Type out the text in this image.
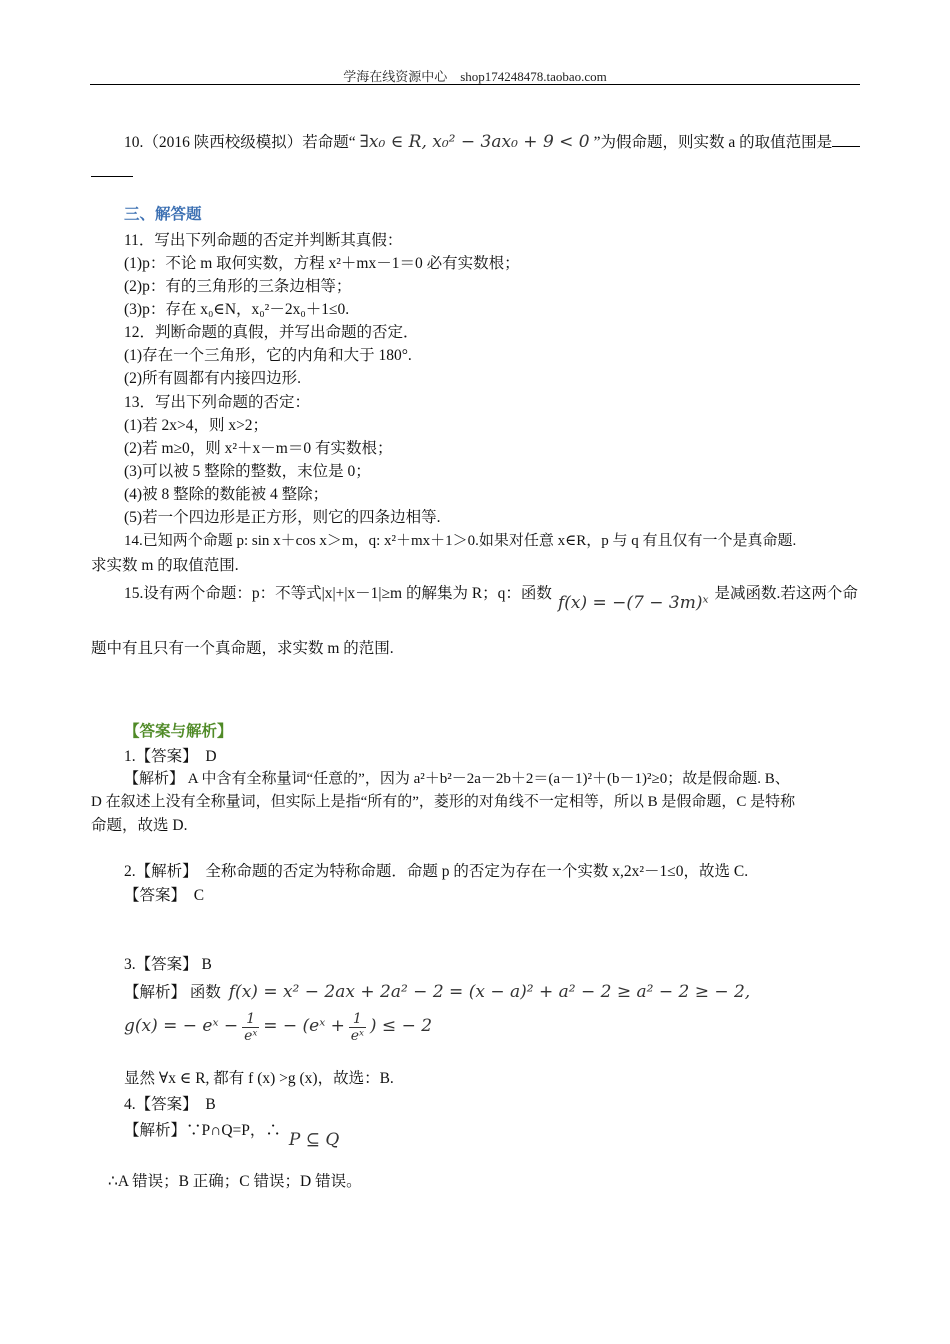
学海在线资源中心　shop174248478.taobao.com
10.（2016 陕西校级模拟）若命题“ ∃x₀ ∈ R, x₀² − 3ax₀ + 9 < 0 ”为假命题，则实数 a 的取值范围是
三、解答题
11．写出下列命题的否定并判断其真假：
(1)p：不论 m 取何实数，方程 x²＋mx－1＝0 必有实数根；
(2)p：有的三角形的三条边相等；
(3)p：存在 x₀∈N，x₀²－2x₀＋1≤0.
12．判断命题的真假，并写出命题的否定．
(1)存在一个三角形，它的内角和大于 180°.
(2)所有圆都有内接四边形.
13．写出下列命题的否定：
(1)若 2x>4，则 x>2；
(2)若 m≥0，则 x²＋x－m＝0 有实数根；
(3)可以被 5 整除的整数，末位是 0；
(4)被 8 整除的数能被 4 整除；
(5)若一个四边形是正方形，则它的四条边相等.
14.已知两个命题 p: sin x＋cos x＞m，q: x²＋mx＋1＞0.如果对任意 x∈R，p 与 q 有且仅有一个是真命题.
求实数 m 的取值范围.
15.设有两个命题：p：不等式|x|+|x－1|≥m 的解集为 R；q：函数 f(x) = −(7 − 3m)ˣ 是减函数.若这两个命
题中有且只有一个真命题，求实数 m 的范围.
【答案与解析】
1.【答案】　D
【解析】 A 中含有全称量词“任意的”，因为 a²＋b²－2a－2b＋2＝(a－1)²＋(b－1)²≥0；故是假命题. B、
D 在叙述上没有全称量词，但实际上是指“所有的”，菱形的对角线不一定相等，所以 B 是假命题，C 是特称
命题，故选 D.
2.【解析】　全称命题的否定为特称命题．命题 p 的否定为存在一个实数 x,2x²－1≤0，故选 C.
【答案】　C
3.【答案】 B
【解析】 函数 f(x) = x² − 2ax + 2a² − 2 = (x − a)² + a² − 2 ≥ a² − 2 ≥ − 2,
g(x) = − eˣ − $\frac{1}{\text{eˣ}}$ = − (eˣ + $\frac{1}{\text{eˣ}}$ ) ≤ − 2
显然 ∀x ∈ R, 都有 f (x) >g (x)，故选：B.
4.【答案】　B
【解析】∵P∩Q=P，∴ P ⊆ Q
∴A 错误；B 正确；C 错误；D 错误。
